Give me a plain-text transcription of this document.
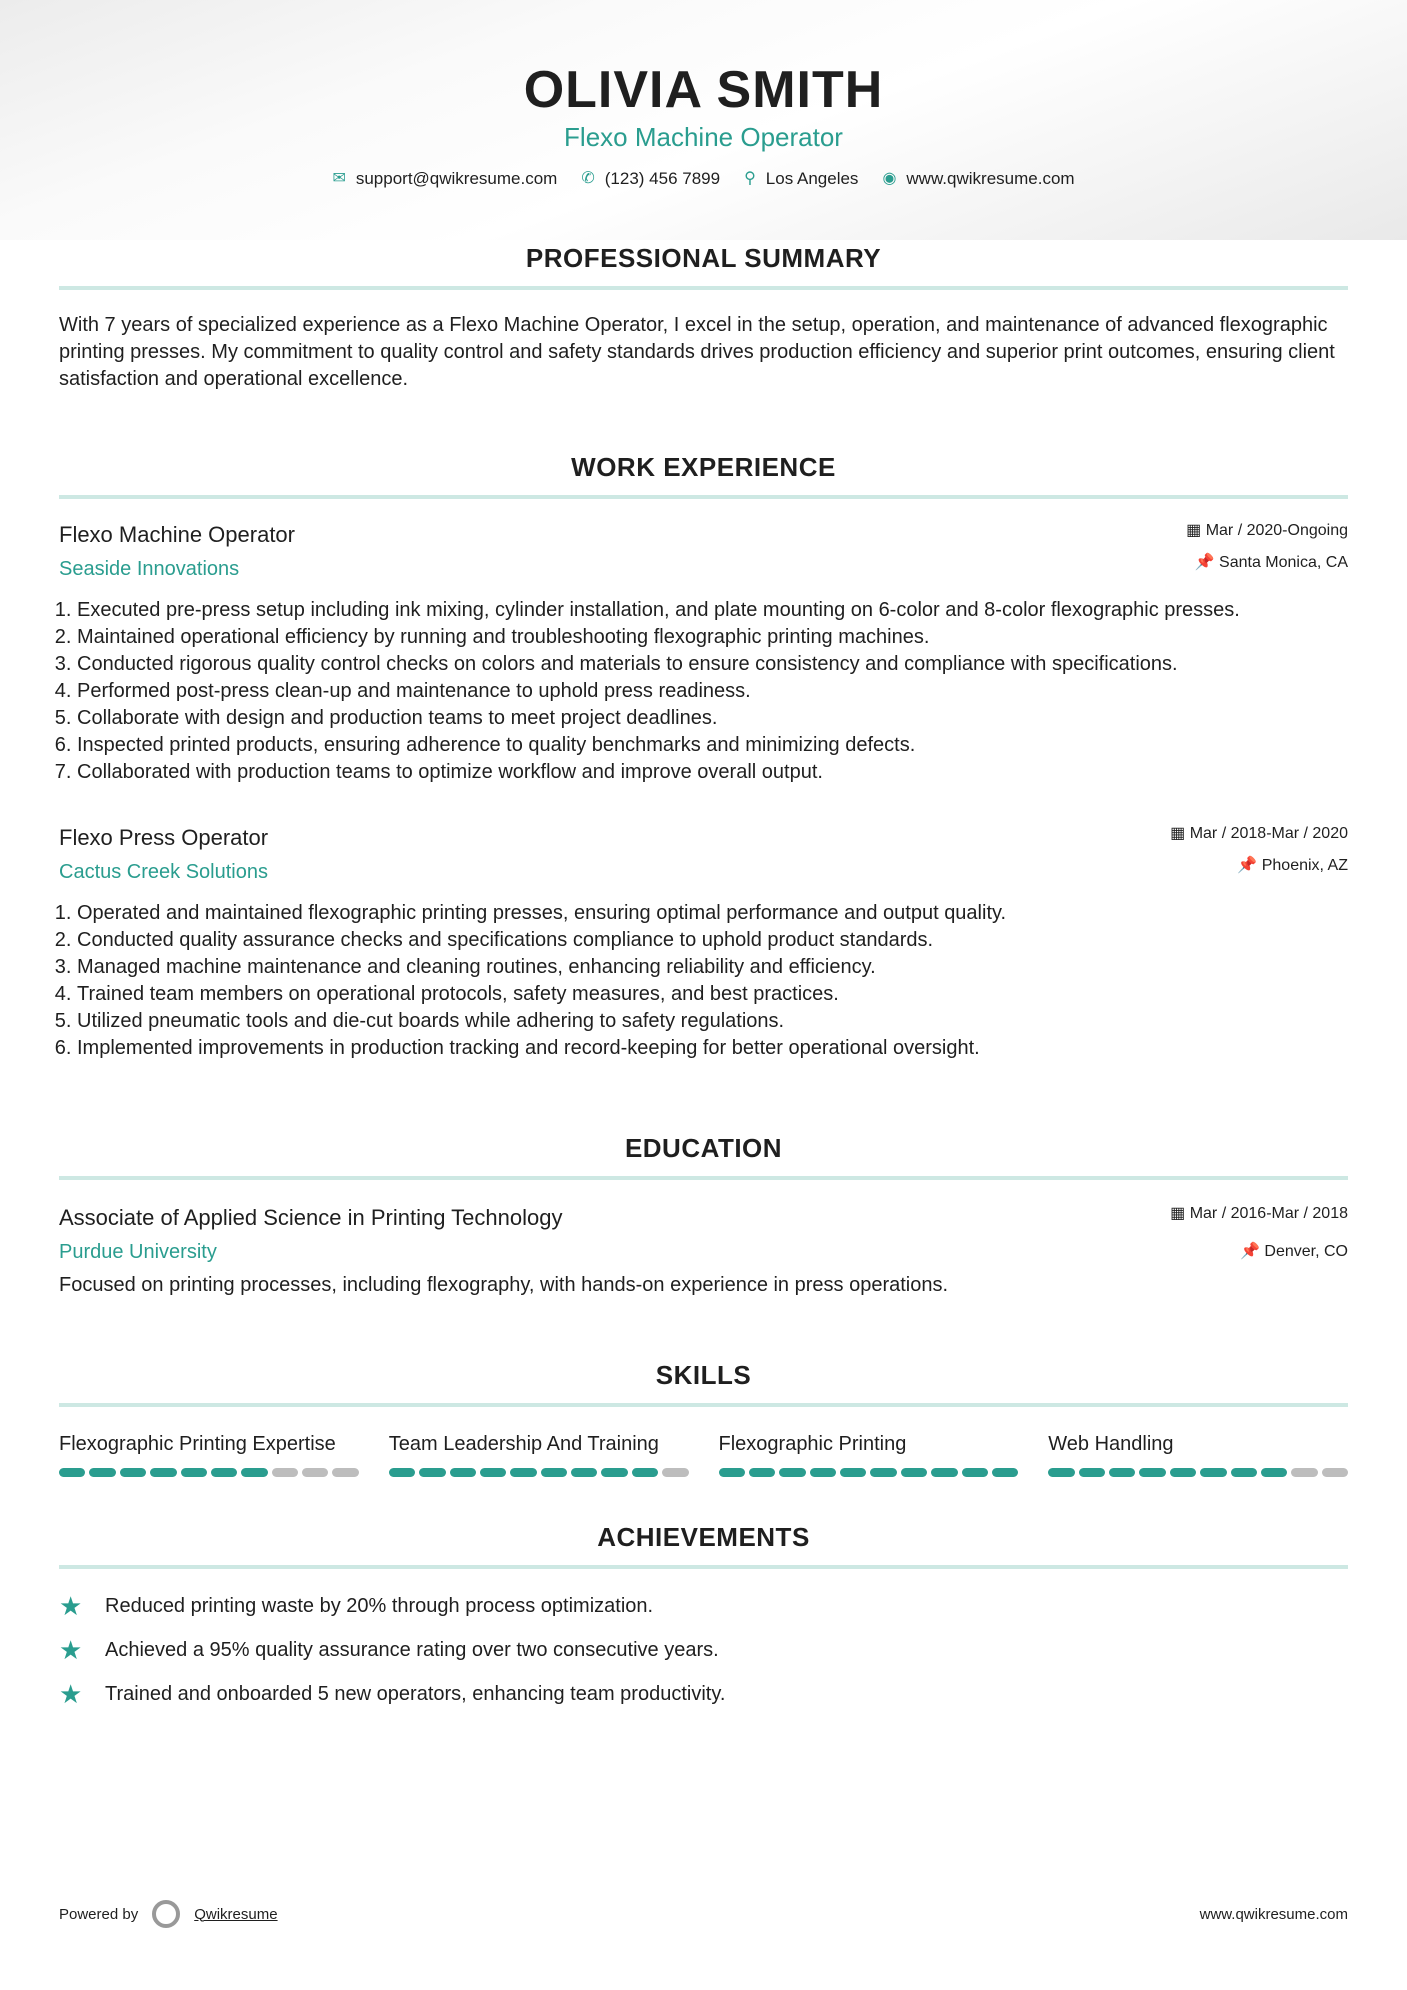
OLIVIA SMITH
Flexo Machine Operator
✉ support@qwikresume.com ✆ (123) 456 7899 ⚲ Los Angeles ◉ www.qwikresume.com
PROFESSIONAL SUMMARY

With 7 years of specialized experience as a Flexo Machine Operator, I excel in the setup, operation, and maintenance of advanced flexographic printing presses. My commitment to quality control and safety standards drives production efficiency and superior print outcomes, ensuring client satisfaction and operational excellence.

WORK EXPERIENCE
Flexo Machine Operator
Seaside Innovations
▦ Mar / 2020-Ongoing
📌 Santa Monica, CA
1. Executed pre-press setup including ink mixing, cylinder installation, and plate mounting on 6-color and 8-color flexographic presses.
2. Maintained operational efficiency by running and troubleshooting flexographic printing machines.
3. Conducted rigorous quality control checks on colors and materials to ensure consistency and compliance with specifications.
4. Performed post-press clean-up and maintenance to uphold press readiness.
5. Collaborate with design and production teams to meet project deadlines.
6. Inspected printed products, ensuring adherence to quality benchmarks and minimizing defects.
7. Collaborated with production teams to optimize workflow and improve overall output.
Flexo Press Operator
Cactus Creek Solutions
▦ Mar / 2018-Mar / 2020
📌 Phoenix, AZ
1. Operated and maintained flexographic printing presses, ensuring optimal performance and output quality.
2. Conducted quality assurance checks and specifications compliance to uphold product standards.
3. Managed machine maintenance and cleaning routines, enhancing reliability and efficiency.
4. Trained team members on operational protocols, safety measures, and best practices.
5. Utilized pneumatic tools and die-cut boards while adhering to safety regulations.
6. Implemented improvements in production tracking and record-keeping for better operational oversight.
EDUCATION
Associate of Applied Science in Printing Technology
Purdue University
▦ Mar / 2016-Mar / 2018
📌 Denver, CO

Focused on printing processes, including flexography, with hands-on experience in press operations.

SKILLS
Flexographic Printing Expertise	Team Leadership And Training	Flexographic Printing	Web Handling
ACHIEVEMENTS
★	Reduced printing waste by 20% through process optimization.
★	Achieved a 95% quality assurance rating over two consecutive years.
★	Trained and onboarded 5 new operators, enhancing team productivity.
Powered by	Qwikresume	www.qwikresume.com
